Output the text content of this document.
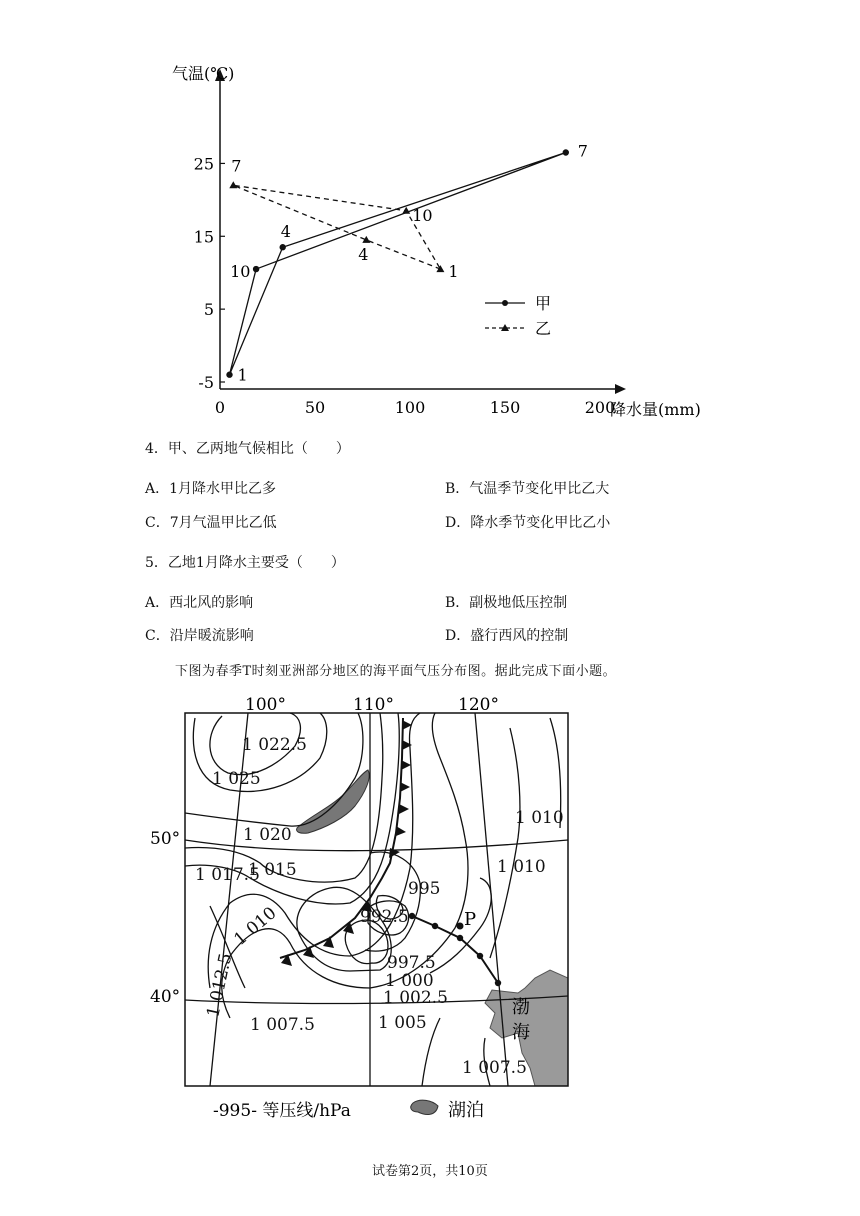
气温(℃)
降水量(mm)
0	50	100	150	200
-5
5
15
25
1
4
7
10	1
4
7
10
甲
乙
4．甲、乙两地气候相比（　　）
A．1月降水甲比乙多	B．气温季节变化甲比乙大
C．7月气温甲比乙低	D．降水季节变化甲比乙小
5．乙地1月降水主要受（　　）
A．西北风的影响	B．副极地低压控制
C．沿岸暖流影响	D．盛行西风的控制
下图为春季T时刻亚洲部分地区的海平面气压分布图。据此完成下面小题。
100°	110°	120°
50°
40°
1 022.5
1 025
1 020
1 015
1 017.5
1 010
1 012.5
1 007.5
995
992.5
997.5
1 000
1 002.5
1 005
1 007.5
1 010
1 010
P
渤
海
-995- 等压线/hPa	湖泊
试卷第2页，共10页
